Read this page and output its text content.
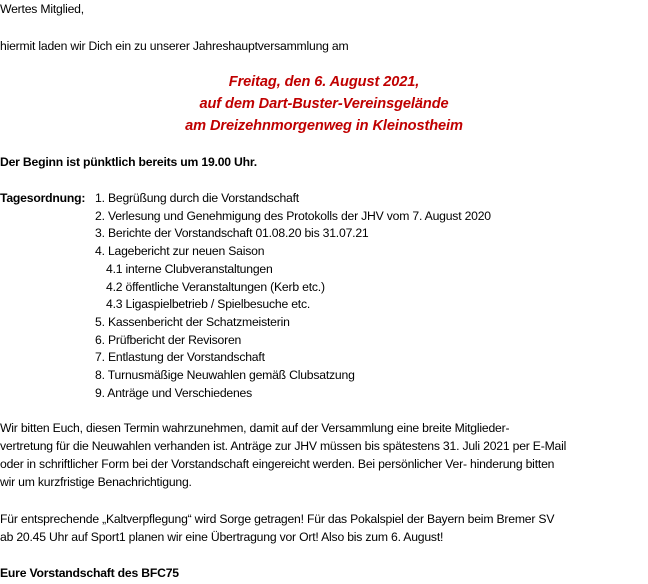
Wertes Mitglied,
hiermit laden wir Dich ein zu unserer Jahreshauptversammlung am
Freitag, den 6. August 2021,
auf dem Dart-Buster-Vereinsgelände
am Dreizehnmorgenweg in Kleinostheim
Der Beginn ist pünktlich bereits um 19.00 Uhr.
Tagesordnung: 1. Begrüßung durch die Vorstandschaft
2. Verlesung und Genehmigung des Protokolls der JHV vom 7. August 2020
3. Berichte der Vorstandschaft 01.08.20 bis 31.07.21
4. Lagebericht zur neuen Saison
4.1 interne Clubveranstaltungen
4.2 öffentliche Veranstaltungen (Kerb etc.)
4.3 Ligaspielbetrieb / Spielbesuche etc.
5. Kassenbericht der Schatzmeisterin
6. Prüfbericht der Revisoren
7. Entlastung der Vorstandschaft
8. Turnusmäßige Neuwahlen gemäß Clubsatzung
9. Anträge und Verschiedenes
Wir bitten Euch, diesen Termin wahrzunehmen, damit auf der Versammlung eine breite Mitglieder-
vertretung für die Neuwahlen verhanden ist. Anträge zur JHV müssen bis spätestens 31. Juli 2021 per E-Mail
oder in schriftlicher Form bei der Vorstandschaft eingereicht werden. Bei persönlicher Ver- hinderung bitten
wir um kurzfristige Benachrichtigung.
Für entsprechende „Kaltverpflegung“ wird Sorge getragen! Für das Pokalspiel der Bayern beim Bremer SV
ab 20.45 Uhr auf Sport1 planen wir eine Übertragung vor Ort! Also bis zum 6. August!
Eure Vorstandschaft des BFC75
